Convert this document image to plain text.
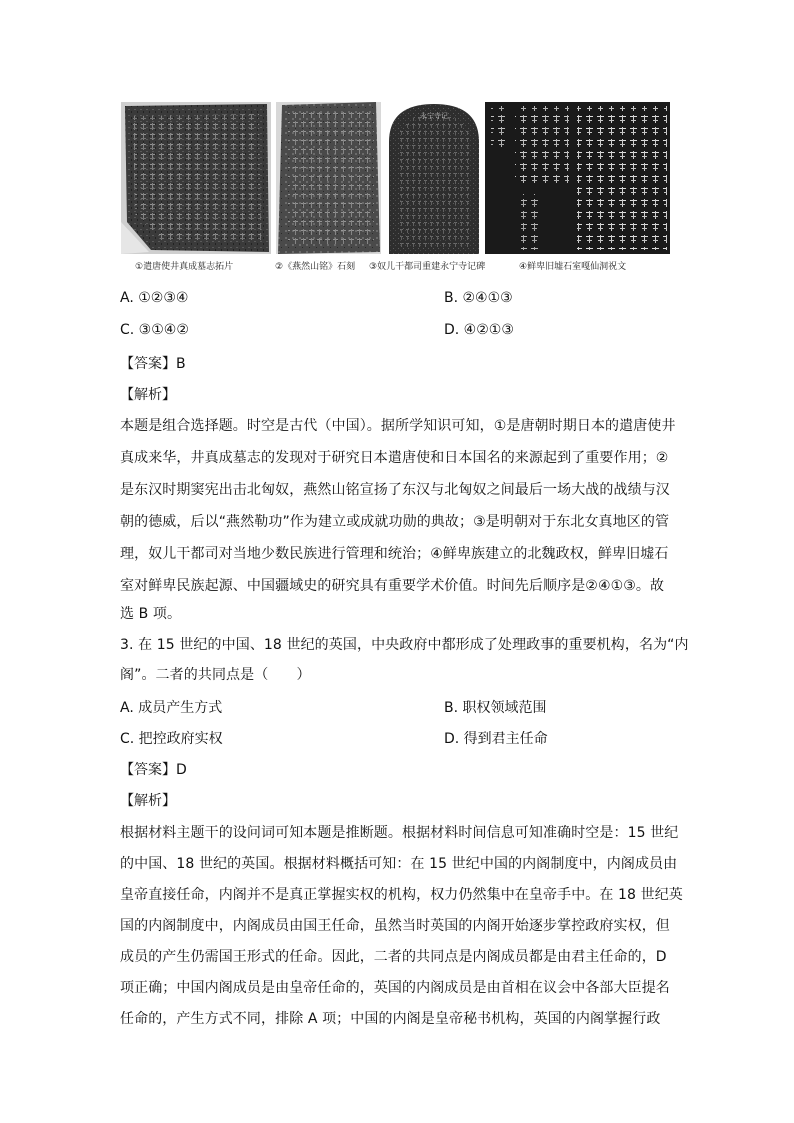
永宁寺记
①遣唐使井真成墓志拓片	②《燕然山铭》石刻 ③奴儿干都司重建永宁寺记碑	④鲜卑旧墟石室嘎仙洞祝文
A. ①②③④	B. ②④①③
C. ③①④②	D. ④②①③
【答案】B
【解析】
本题是组合选择题。时空是古代（中国）。据所学知识可知，①是唐朝时期日本的遣唐使井
真成来华，井真成墓志的发现对于研究日本遣唐使和日本国名的来源起到了重要作用；②
是东汉时期窦宪出击北匈奴，燕然山铭宣扬了东汉与北匈奴之间最后一场大战的战绩与汉
朝的德威，后以“燕然勒功”作为建立或成就功勋的典故；③是明朝对于东北女真地区的管
理，奴儿干都司对当地少数民族进行管理和统治；④鲜卑族建立的北魏政权，鲜卑旧墟石
室对鲜卑民族起源、中国疆域史的研究具有重要学术价值。时间先后顺序是②④①③。故
选 B 项。
3. 在 15 世纪的中国、18 世纪的英国，中央政府中都形成了处理政事的重要机构，名为“内
阁”。二者的共同点是（　　）
A. 成员产生方式	B. 职权领域范围
C. 把控政府实权	D. 得到君主任命
【答案】D
【解析】
根据材料主题干的设问词可知本题是推断题。根据材料时间信息可知准确时空是：15 世纪
的中国、18 世纪的英国。根据材料概括可知：在 15 世纪中国的内阁制度中，内阁成员由
皇帝直接任命，内阁并不是真正掌握实权的机构，权力仍然集中在皇帝手中。在 18 世纪英
国的内阁制度中，内阁成员由国王任命，虽然当时英国的内阁开始逐步掌控政府实权，但
成员的产生仍需国王形式的任命。因此，二者的共同点是内阁成员都是由君主任命的，D
项正确；中国内阁成员是由皇帝任命的，英国的内阁成员是由首相在议会中各部大臣提名
任命的，产生方式不同，排除 A 项；中国的内阁是皇帝秘书机构，英国的内阁掌握行政
